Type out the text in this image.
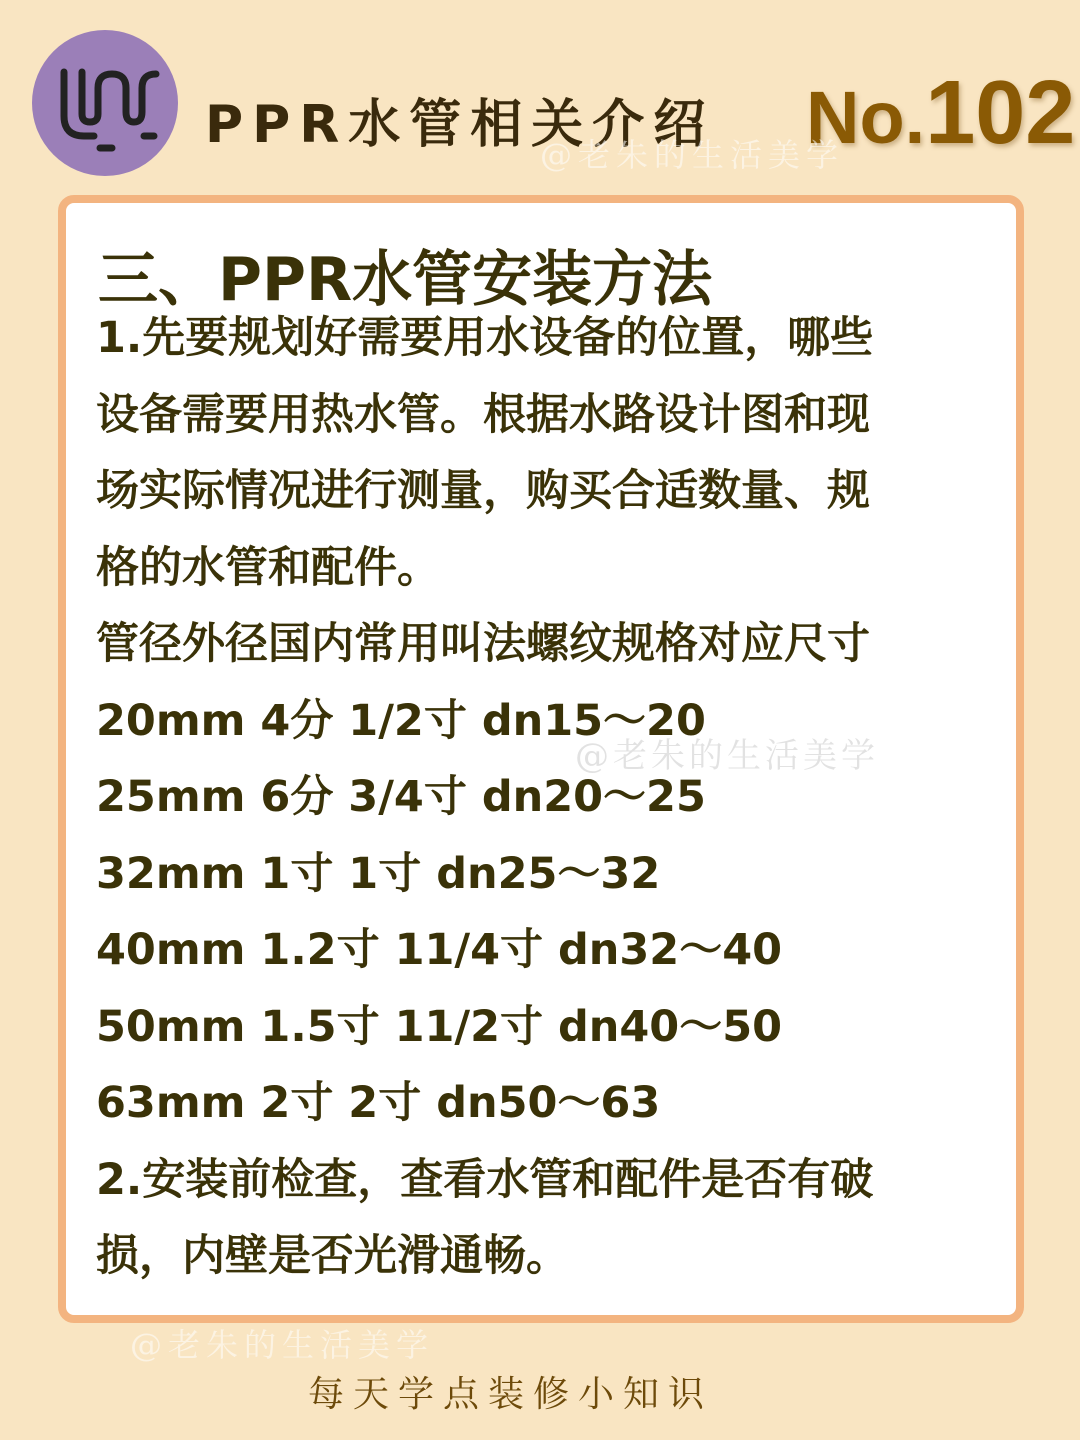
PPR水管相关介绍 No.102
@老朱的生活美学
三、PPR水管安装方法
1.先要规划好需要用水设备的位置，哪些
设备需要用热水管。根据水路设计图和现
场实际情况进行测量，购买合适数量、规
格的水管和配件。
管径外径国内常用叫法螺纹规格对应尺寸
20mm 4分 1/2寸 dn15～20
25mm 6分 3/4寸 dn20～25
32mm 1寸 1寸 dn25～32
40mm 1.2寸 11/4寸 dn32～40
50mm 1.5寸 11/2寸 dn40～50
63mm 2寸 2寸 dn50～63
2.安装前检查，查看水管和配件是否有破
损，内壁是否光滑通畅。
@老朱的生活美学
@老朱的生活美学
每天学点装修小知识
